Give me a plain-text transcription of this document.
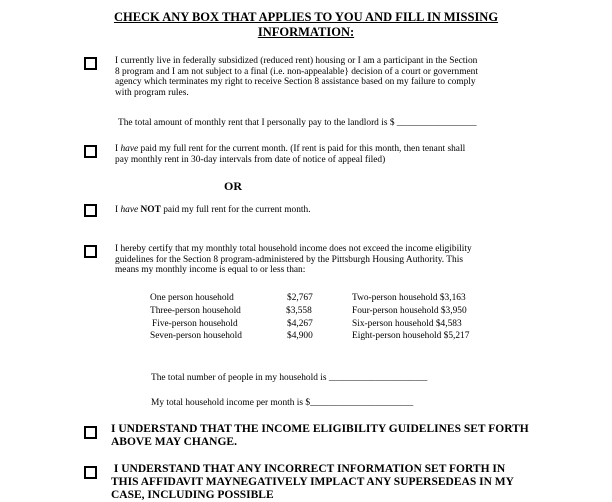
CHECK ANY BOX THAT APPLIES TO YOU AND FILL IN MISSING
INFORMATION:
I currently live in federally subsidized (reduced rent) housing or I am a participant in the Section
8 program and I am not subject to a final (i.e. non-appealable} decision of a court or government
agency which terminates my right to receive Section 8 assistance based on my failure to comply
with program rules.
The total amount of monthly rent that I personally pay to the landlord is $ _________________
I have paid my full rent for the current month. (If rent is paid for this month, then tenant shall
pay monthly rent in 30-day intervals from date of notice of appeal filed)
OR
I have NOT paid my full rent for the current month.
I hereby certify that my monthly total household income does not exceed the income eligibility
guidelines for the Section 8 program-administered by the Pittsburgh Housing Authority. This
means my monthly income is equal to or less than:
One person household	$2,767	Two-person household $3,163
Three-person household	$3,558	Four-person household $3,950
Five-person household	$4,267	Six-person household $4,583
Seven-person household	$4,900	Eight-person household $5,217
The total number of people in my household is _____________________
My total household income per month is $______________________
I UNDERSTAND THAT THE INCOME ELIGIBILITY GUIDELINES SET FORTH
ABOVE MAY CHANGE.
I UNDERSTAND THAT ANY INCORRECT INFORMATION SET FORTH IN
THIS AFFIDAVIT MAYNEGATIVELY IMPLACT ANY SUPERSEDEAS IN MY
CASE, INCLUDING POSSIBLE
